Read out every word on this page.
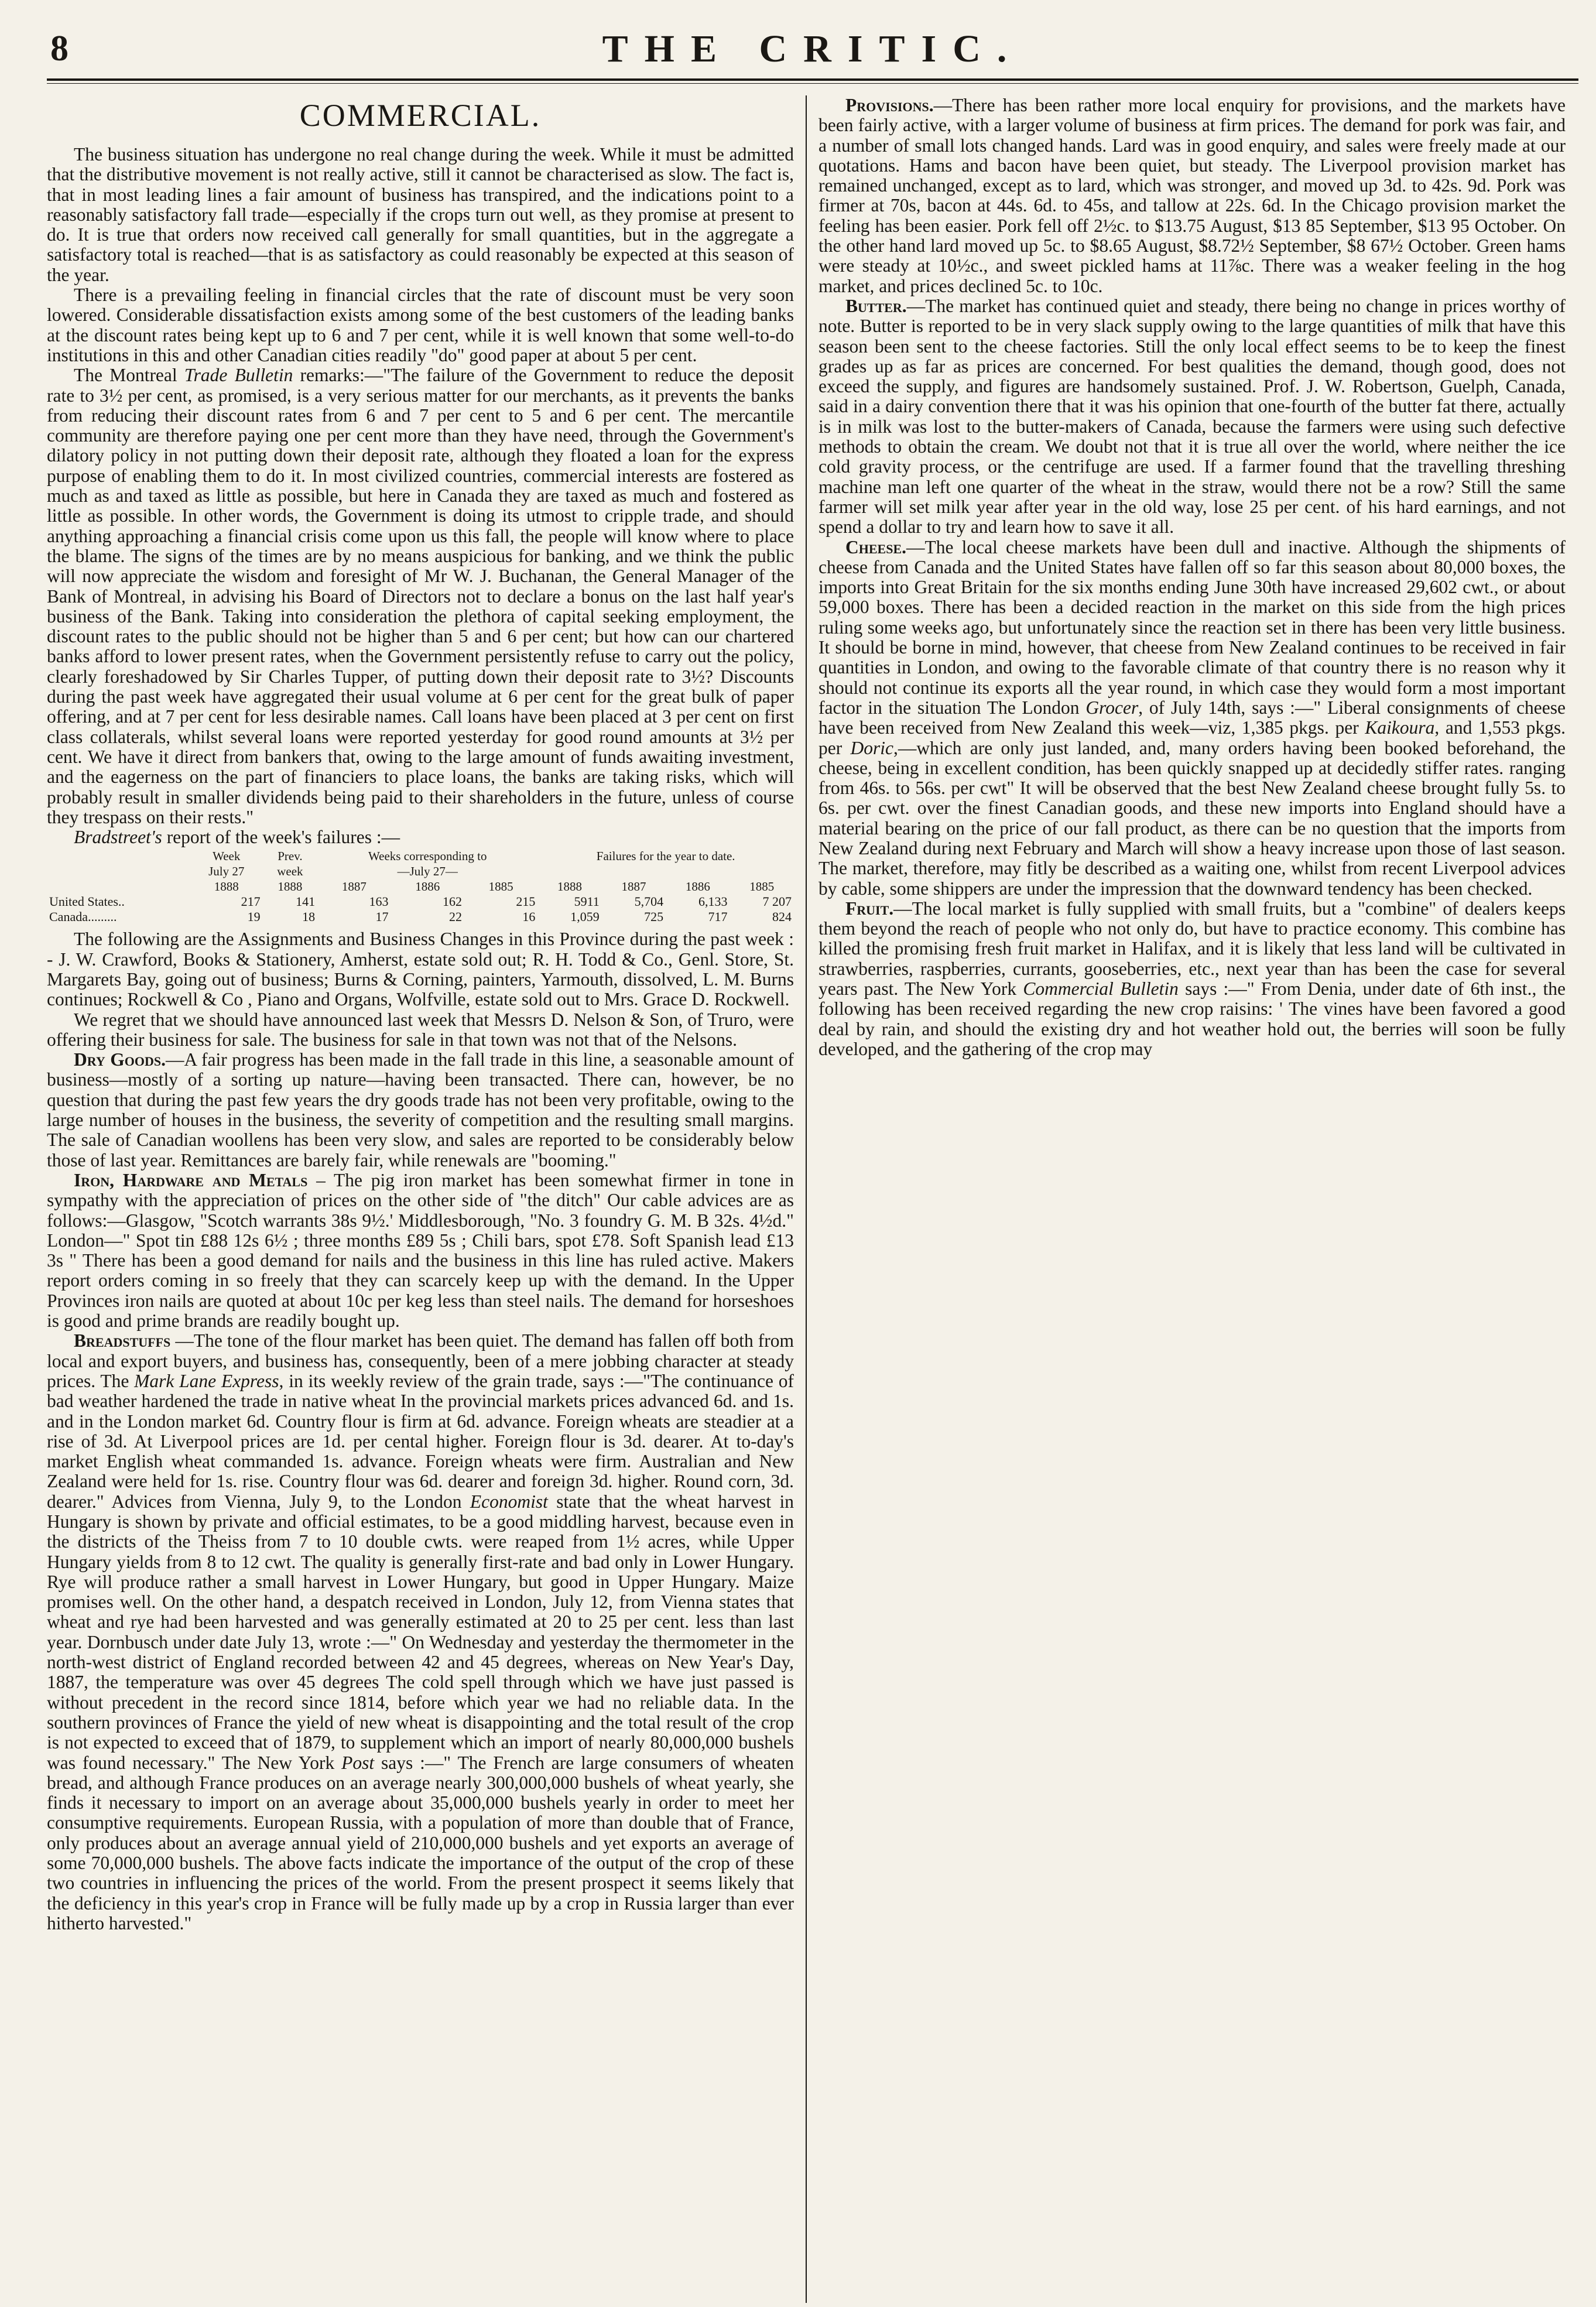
8	THE CRITIC.
COMMERCIAL.

The business situation has undergone no real change during the week. While it must be admitted that the distributive movement is not really active, still it cannot be characterised as slow. The fact is, that in most leading lines a fair amount of business has transpired, and the indications point to a reasonably satisfactory fall trade—especially if the crops turn out well, as they promise at present to do. It is true that orders now received call generally for small quantities, but in the aggregate a satisfactory total is reached—that is as satisfactory as could reasonably be expected at this season of the year.

There is a prevailing feeling in financial circles that the rate of discount must be very soon lowered. Considerable dissatisfaction exists among some of the best customers of the leading banks at the discount rates being kept up to 6 and 7 per cent, while it is well known that some well-to-do institutions in this and other Canadian cities readily "do" good paper at about 5 per cent.

The Montreal Trade Bulletin remarks:—"The failure of the Government to reduce the deposit rate to 3½ per cent, as promised, is a very serious matter for our merchants, as it prevents the banks from reducing their discount rates from 6 and 7 per cent to 5 and 6 per cent. The mercantile community are therefore paying one per cent more than they have need, through the Government's dilatory policy in not putting down their deposit rate, although they floated a loan for the express purpose of enabling them to do it. In most civilized countries, commercial interests are fostered as much as and taxed as little as possible, but here in Canada they are taxed as much and fostered as little as possible. In other words, the Government is doing its utmost to cripple trade, and should anything approaching a financial crisis come upon us this fall, the people will know where to place the blame. The signs of the times are by no means auspicious for banking, and we think the public will now appreciate the wisdom and foresight of Mr W. J. Buchanan, the General Manager of the Bank of Montreal, in advising his Board of Directors not to declare a bonus on the last half year's business of the Bank. Taking into consideration the plethora of capital seeking employment, the discount rates to the public should not be higher than 5 and 6 per cent; but how can our chartered banks afford to lower present rates, when the Government persistently refuse to carry out the policy, clearly foreshadowed by Sir Charles Tupper, of putting down their deposit rate to 3½? Discounts during the past week have aggregated their usual volume at 6 per cent for the great bulk of paper offering, and at 7 per cent for less desirable names. Call loans have been placed at 3 per cent on first class collaterals, whilst several loans were reported yesterday for good round amounts at 3½ per cent. We have it direct from bankers that, owing to the large amount of funds awaiting investment, and the eagerness on the part of financiers to place loans, the banks are taking risks, which will probably result in smaller dividends being paid to their shareholders in the future, unless of course they trespass on their rests."

Bradstreet's report of the week's failures :—

	Week	Prev.	Weeks corresponding to			Failures for the year to date.			
	July 27	week	—July 27—						
	1888	1888	1887	1886	1885	1888	1887	1886	1885
United States..	217	141	163	162	215	5911	5,704	6,133	7 207
Canada.........	19	18	17	22	16	1,059	725	717	824

The following are the Assignments and Business Changes in this Province during the past week : - J. W. Crawford, Books & Stationery, Amherst, estate sold out; R. H. Todd & Co., Genl. Store, St. Margarets Bay, going out of business; Burns & Corning, painters, Yarmouth, dissolved, L. M. Burns continues; Rockwell & Co , Piano and Organs, Wolfville, estate sold out to Mrs. Grace D. Rockwell.

We regret that we should have announced last week that Messrs D. Nelson & Son, of Truro, were offering their business for sale. The business for sale in that town was not that of the Nelsons.

Dry Goods.—A fair progress has been made in the fall trade in this line, a seasonable amount of business—mostly of a sorting up nature—having been transacted. There can, however, be no question that during the past few years the dry goods trade has not been very profitable, owing to the large number of houses in the business, the severity of competition and the resulting small margins. The sale of Canadian woollens has been very slow, and sales are reported to be considerably below those of last year. Remittances are barely fair, while renewals are "booming."

Iron, Hardware and Metals – The pig iron market has been somewhat firmer in tone in sympathy with the appreciation of prices on the other side of "the ditch" Our cable advices are as follows:—Glasgow, "Scotch warrants 38s 9½.' Middlesborough, "No. 3 foundry G. M. B 32s. 4½d." London—" Spot tin £88 12s 6½ ; three months £89 5s ; Chili bars, spot £78. Soft Spanish lead £13 3s " There has been a good demand for nails and the business in this line has ruled active. Makers report orders coming in so freely that they can scarcely keep up with the demand. In the Upper Provinces iron nails are quoted at about 10c per keg less than steel nails. The demand for horseshoes is good and prime brands are readily bought up.

Breadstuffs —The tone of the flour market has been quiet. The demand has fallen off both from local and export buyers, and business has, consequently, been of a mere jobbing character at steady prices. The Mark Lane Express, in its weekly review of the grain trade, says :—"The continuance of bad weather hardened the trade in native wheat In the provincial markets prices advanced 6d. and 1s. and in the London market 6d. Country flour is firm at 6d. advance. Foreign wheats are steadier at a rise of 3d. At Liverpool prices are 1d. per cental higher. Foreign flour is 3d. dearer. At to-day's market English wheat commanded 1s. advance. Foreign wheats were firm. Australian and New Zealand were held for 1s. rise. Country flour was 6d. dearer and foreign 3d. higher. Round corn, 3d. dearer." Advices from Vienna, July 9, to the London Economist state that the wheat harvest in Hungary is shown by private and official estimates, to be a good middling harvest, because even in the districts of the Theiss from 7 to 10 double cwts. were reaped from 1½ acres, while Upper Hungary yields from 8 to 12 cwt. The quality is generally first-rate and bad only in Lower Hungary. Rye will produce rather a small harvest in Lower Hungary, but good in Upper Hungary. Maize promises well. On the other hand, a despatch received in London, July 12, from Vienna states that wheat and rye had been harvested and was generally estimated at 20 to 25 per cent. less than last year. Dornbusch under date July 13, wrote :—" On Wednesday and yesterday the thermometer in the north-west district of England recorded between 42 and 45 degrees, whereas on New Year's Day, 1887, the temperature was over 45 degrees The cold spell through which we have just passed is without precedent in the record since 1814, before which year we had no reliable data. In the southern provinces of France the yield of new wheat is disappointing and the total result of the crop is not expected to exceed that of 1879, to supplement which an import of nearly 80,000,000 bushels was found necessary." The New York Post says :—" The French are large consumers of wheaten bread, and although France produces on an average nearly 300,000,000 bushels of wheat yearly, she finds it necessary to import on an average about 35,000,000 bushels yearly in order to meet her consumptive requirements. European Russia, with a population of more than double that of France, only produces about an average annual yield of 210,000,000 bushels and yet exports an average of some 70,000,000 bushels. The above facts indicate the importance of the output of the crop of these two countries in influencing the prices of the world. From the present prospect it seems likely that the deficiency in this year's crop in France will be fully made up by a crop in Russia larger than ever hitherto harvested."

Provisions.—There has been rather more local enquiry for provisions, and the markets have been fairly active, with a larger volume of business at firm prices. The demand for pork was fair, and a number of small lots changed hands. Lard was in good enquiry, and sales were freely made at our quotations. Hams and bacon have been quiet, but steady. The Liverpool provision market has remained unchanged, except as to lard, which was stronger, and moved up 3d. to 42s. 9d. Pork was firmer at 70s, bacon at 44s. 6d. to 45s, and tallow at 22s. 6d. In the Chicago provision market the feeling has been easier. Pork fell off 2½c. to $13.75 August, $13 85 September, $13 95 October. On the other hand lard moved up 5c. to $8.65 August, $8.72½ September, $8 67½ October. Green hams were steady at 10½c., and sweet pickled hams at 11⅞c. There was a weaker feeling in the hog market, and prices declined 5c. to 10c.

Butter.—The market has continued quiet and steady, there being no change in prices worthy of note. Butter is reported to be in very slack supply owing to the large quantities of milk that have this season been sent to the cheese factories. Still the only local effect seems to be to keep the finest grades up as far as prices are concerned. For best qualities the demand, though good, does not exceed the supply, and figures are handsomely sustained. Prof. J. W. Robertson, Guelph, Canada, said in a dairy convention there that it was his opinion that one-fourth of the butter fat there, actually is in milk was lost to the butter-makers of Canada, because the farmers were using such defective methods to obtain the cream. We doubt not that it is true all over the world, where neither the ice cold gravity process, or the centrifuge are used. If a farmer found that the travelling threshing machine man left one quarter of the wheat in the straw, would there not be a row? Still the same farmer will set milk year after year in the old way, lose 25 per cent. of his hard earnings, and not spend a dollar to try and learn how to save it all.

Cheese.—The local cheese markets have been dull and inactive. Although the shipments of cheese from Canada and the United States have fallen off so far this season about 80,000 boxes, the imports into Great Britain for the six months ending June 30th have increased 29,602 cwt., or about 59,000 boxes. There has been a decided reaction in the market on this side from the high prices ruling some weeks ago, but unfortunately since the reaction set in there has been very little business. It should be borne in mind, however, that cheese from New Zealand continues to be received in fair quantities in London, and owing to the favorable climate of that country there is no reason why it should not continue its exports all the year round, in which case they would form a most important factor in the situation The London Grocer, of July 14th, says :—" Liberal consignments of cheese have been received from New Zealand this week—viz, 1,385 pkgs. per Kaikoura, and 1,553 pkgs. per Doric,—which are only just landed, and, many orders having been booked beforehand, the cheese, being in excellent condition, has been quickly snapped up at decidedly stiffer rates. ranging from 46s. to 56s. per cwt" It will be observed that the best New Zealand cheese brought fully 5s. to 6s. per cwt. over the finest Canadian goods, and these new imports into England should have a material bearing on the price of our fall product, as there can be no question that the imports from New Zealand during next February and March will show a heavy increase upon those of last season. The market, therefore, may fitly be described as a waiting one, whilst from recent Liverpool advices by cable, some shippers are under the impression that the downward tendency has been checked.

Fruit.—The local market is fully supplied with small fruits, but a "combine" of dealers keeps them beyond the reach of people who not only do, but have to practice economy. This combine has killed the promising fresh fruit market in Halifax, and it is likely that less land will be cultivated in strawberries, raspberries, currants, gooseberries, etc., next year than has been the case for several years past. The New York Commercial Bulletin says :—" From Denia, under date of 6th inst., the following has been received regarding the new crop raisins: ' The vines have been favored a good deal by rain, and should the existing dry and hot weather hold out, the berries will soon be fully developed, and the gathering of the crop may
